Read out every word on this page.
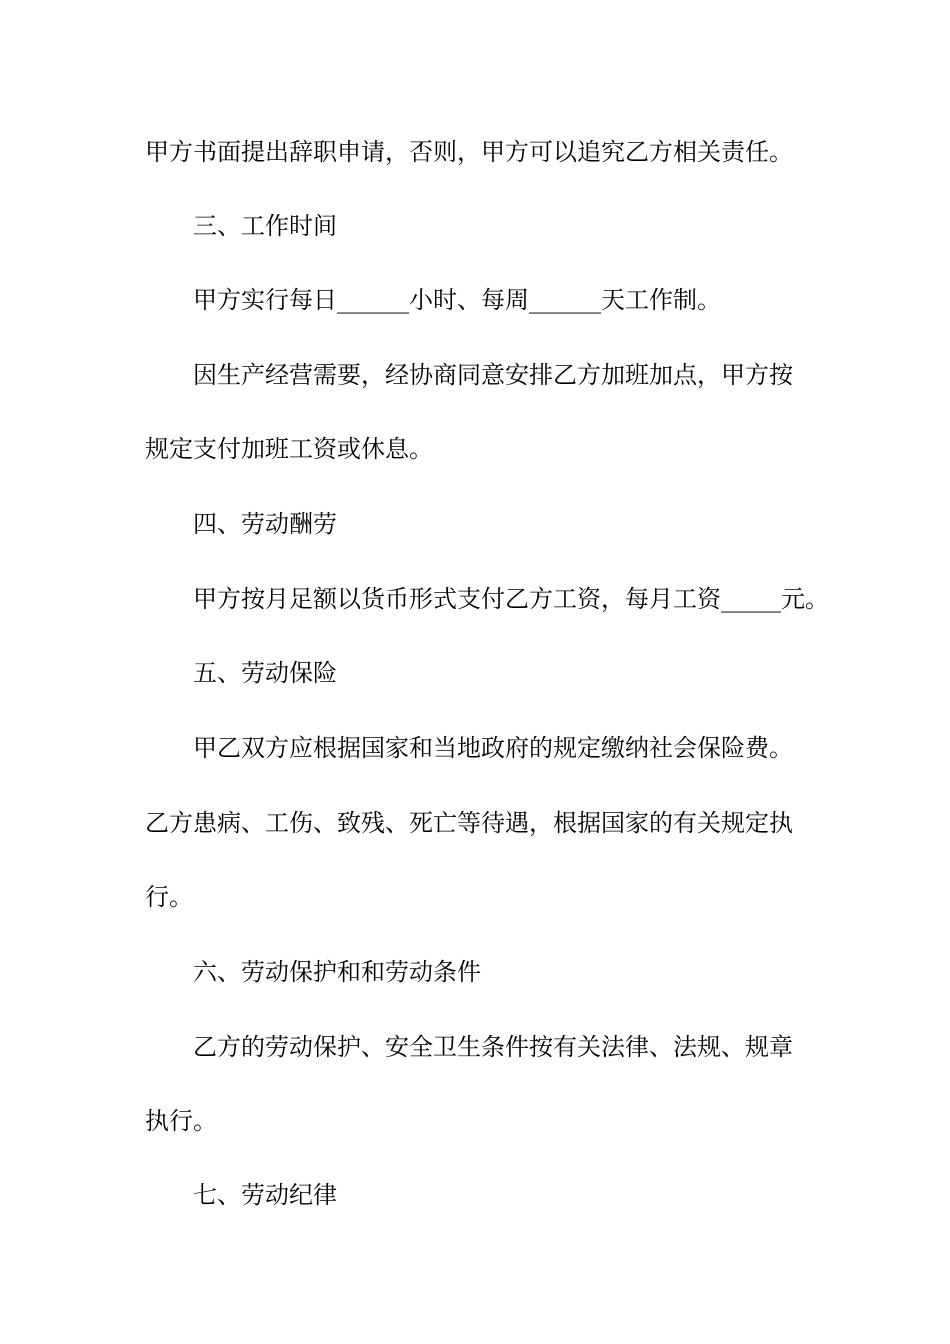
甲方书面提出辞职申请，否则，甲方可以追究乙方相关责任。
三、工作时间
甲方实行每日______小时、每周______天工作制。
因生产经营需要，经协商同意安排乙方加班加点，甲方按
规定支付加班工资或休息。
四、劳动酬劳
甲方按月足额以货币形式支付乙方工资，每月工资_____元。
五、劳动保险
甲乙双方应根据国家和当地政府的规定缴纳社会保险费。
乙方患病、工伤、致残、死亡等待遇，根据国家的有关规定执
行。
六、劳动保护和和劳动条件
乙方的劳动保护、安全卫生条件按有关法律、法规、规章
执行。
七、劳动纪律
